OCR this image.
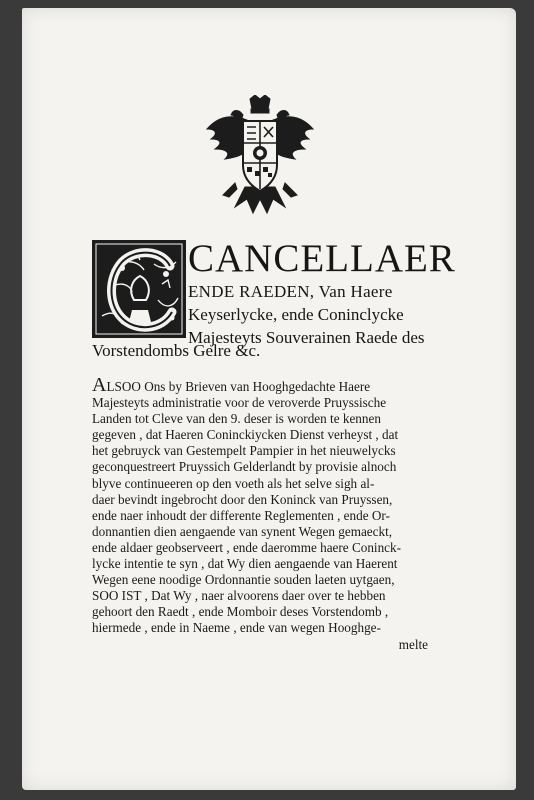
CANCELLAER
ENDE RAEDEN, Van Haere
Keyserlycke, ende Coninclycke
Majesteyts Souverainen Raede des
Vorstendombs Gelre &c.
ALSOO Ons by Brieven van Hooghgedachte Haere
Majesteyts administratie voor de veroverde Pruyssische
Landen tot Cleve van den 9. deser is worden te kennen
gegeven , dat Haeren Coninckiycken Dienst verheyst , dat
het gebruyck van Gestempelt Pampier in het nieuwelycks
geconquestreert Pruyssich Gelderlandt by provisie alnoch
blyve continueeren op den voeth als het selve sigh al-
daer bevindt ingebrocht door den Koninck van Pruyssen,
ende naer inhoudt der differente Reglementen , ende Or-
donnantien dien aengaende van synent Wegen gemaeckt,
ende aldaer geobserveert , ende daeromme haere Coninck-
lycke intentie te syn , dat Wy dien aengaende van Haerent
Wegen eene noodige Ordonnantie souden laeten uytgaen,
SOO IST , Dat Wy , naer alvoorens daer over te hebben
gehoort den Raedt , ende Momboir deses Vorstendomb ,
hiermede , ende in Naeme , ende van wegen Hooghge-
melte
